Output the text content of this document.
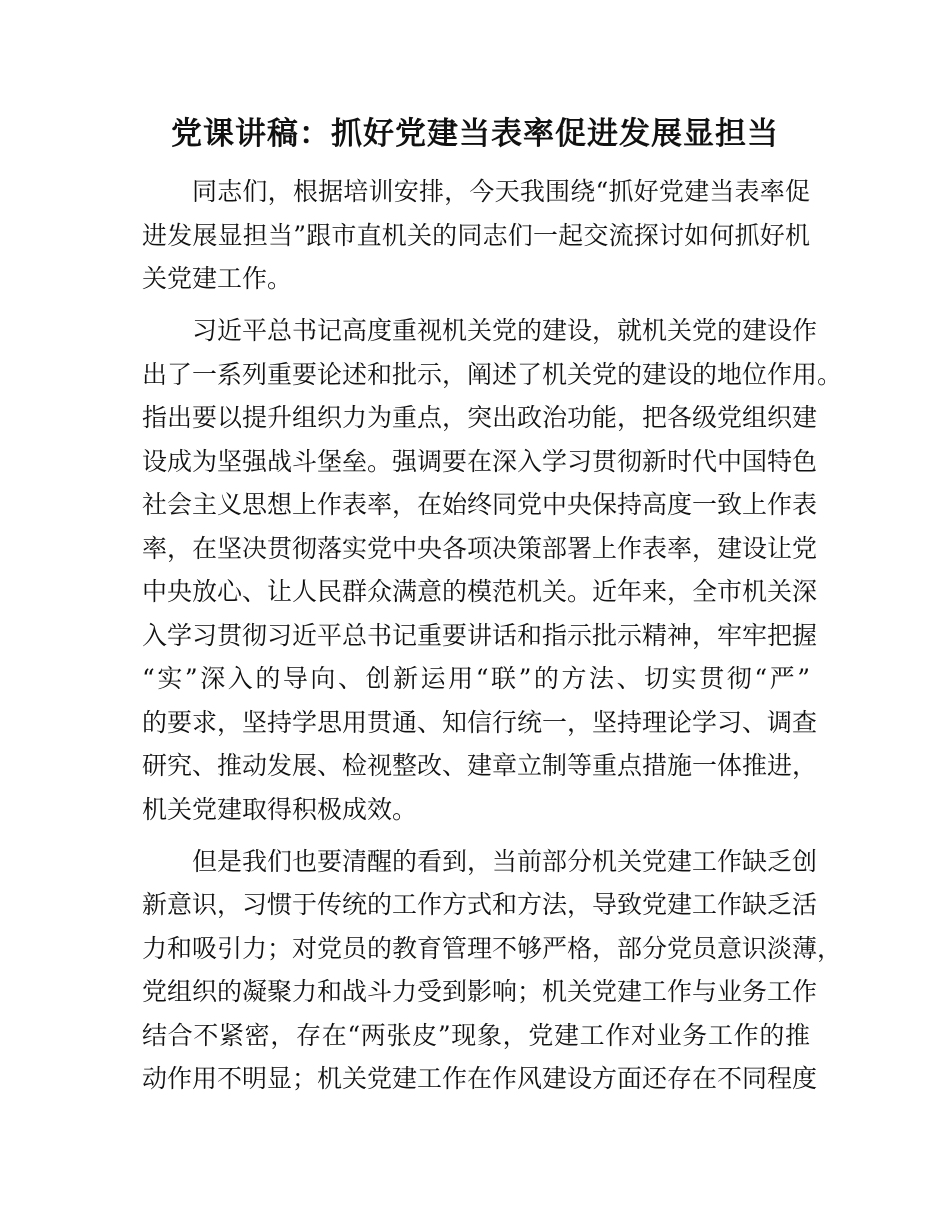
党课讲稿：抓好党建当表率促进发展显担当
同志们，根据培训安排，今天我围绕“抓好党建当表率促
进发展显担当”跟市直机关的同志们一起交流探讨如何抓好机
关党建工作。
习近平总书记高度重视机关党的建设，就机关党的建设作
出了一系列重要论述和批示，阐述了机关党的建设的地位作用。
指出要以提升组织力为重点，突出政治功能，把各级党组织建
设成为坚强战斗堡垒。强调要在深入学习贯彻新时代中国特色
社会主义思想上作表率，在始终同党中央保持高度一致上作表
率，在坚决贯彻落实党中央各项决策部署上作表率，建设让党
中央放心、让人民群众满意的模范机关。近年来，全市机关深
入学习贯彻习近平总书记重要讲话和指示批示精神，牢牢把握
“实”深入的导向、创新运用“联”的方法、切实贯彻“严”
的要求，坚持学思用贯通、知信行统一，坚持理论学习、调查
研究、推动发展、检视整改、建章立制等重点措施一体推进，
机关党建取得积极成效。
但是我们也要清醒的看到，当前部分机关党建工作缺乏创
新意识，习惯于传统的工作方式和方法，导致党建工作缺乏活
力和吸引力；对党员的教育管理不够严格，部分党员意识淡薄，
党组织的凝聚力和战斗力受到影响；机关党建工作与业务工作
结合不紧密，存在“两张皮”现象，党建工作对业务工作的推
动作用不明显；机关党建工作在作风建设方面还存在不同程度
